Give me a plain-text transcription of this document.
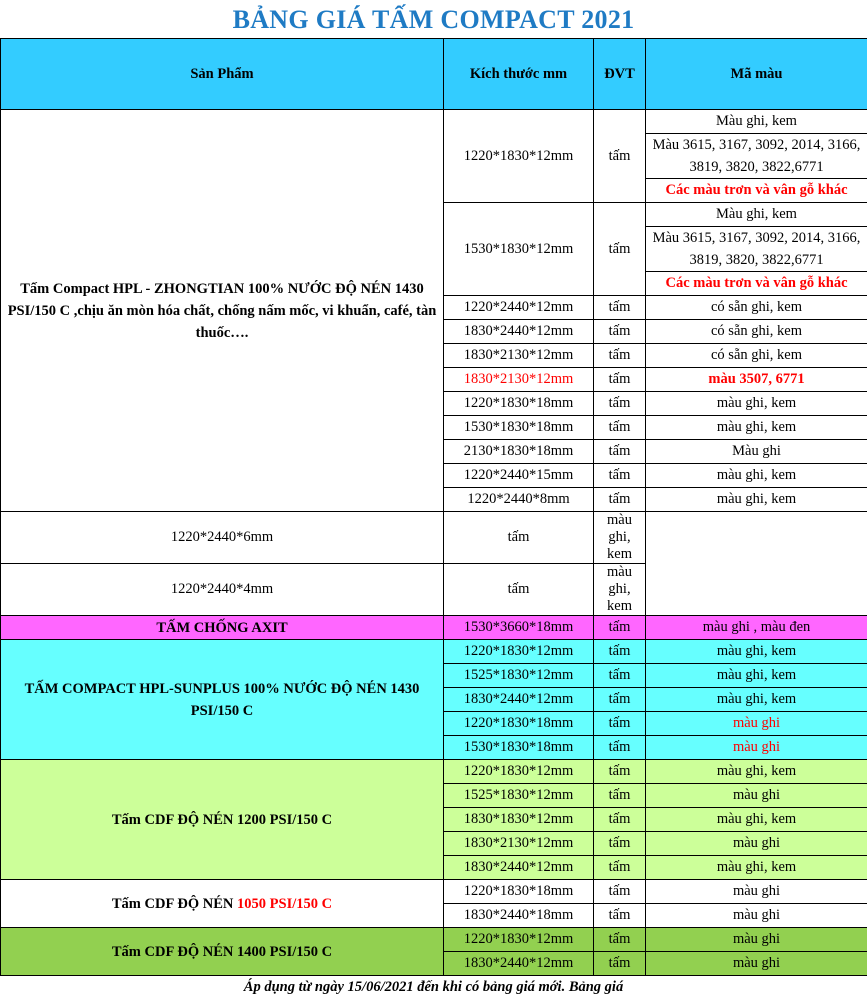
BẢNG GIÁ TẤM COMPACT 2021
Sản Phẩm	Kích thước mm	ĐVT	Mã màu
Tấm Compact HPL - ZHONGTIAN 100% NƯỚC ĐỘ NÉN 1430 PSI/150 C ,chịu ăn mòn hóa chất, chống nấm mốc, vi khuẩn, café, tàn thuốc….	1220*1830*12mm	tấm	Màu ghi, kem
			Màu 3615, 3167, 3092, 2014, 3166, 3819, 3820, 3822,6771
			Các màu trơn và vân gỗ khác
	1530*1830*12mm	tấm	Màu ghi, kem
			Màu 3615, 3167, 3092, 2014, 3166, 3819, 3820, 3822,6771
			Các màu trơn và vân gỗ khác
	1220*2440*12mm	tấm	có sẵn ghi, kem
	1830*2440*12mm	tấm	có sẵn ghi, kem
	1830*2130*12mm	tấm	có sẵn ghi, kem
	1830*2130*12mm	tấm	màu 3507, 6771
	1220*1830*18mm	tấm	màu ghi, kem
	1530*1830*18mm	tấm	màu ghi, kem
	2130*1830*18mm	tấm	Màu ghi
	1220*2440*15mm	tấm	màu ghi, kem
	1220*2440*8mm	tấm	màu ghi, kem
1220*2440*6mm	tấm	màu ghi, kem	
1220*2440*4mm	tấm	màu ghi, kem	
TẤM CHỐNG AXIT	1530*3660*18mm	tấm	màu ghi , màu đen
TẤM COMPACT HPL-SUNPLUS 100% NƯỚC ĐỘ NÉN 1430 PSI/150 C	1220*1830*12mm	tấm	màu ghi, kem
	1525*1830*12mm	tấm	màu ghi, kem
	1830*2440*12mm	tấm	màu ghi, kem
	1220*1830*18mm	tấm	màu ghi
	1530*1830*18mm	tấm	màu ghi
Tấm CDF ĐỘ NÉN 1200 PSI/150 C	1220*1830*12mm	tấm	màu ghi, kem
	1525*1830*12mm	tấm	màu ghi
	1830*1830*12mm	tấm	màu ghi, kem
	1830*2130*12mm	tấm	màu ghi
	1830*2440*12mm	tấm	màu ghi, kem
Tấm CDF ĐỘ NÉN 1050 PSI/150 C	1220*1830*18mm	tấm	màu ghi
	1830*2440*18mm	tấm	màu ghi
Tấm CDF ĐỘ NÉN 1400 PSI/150 C	1220*1830*12mm	tấm	màu ghi
	1830*2440*12mm	tấm	màu ghi
Áp dụng từ ngày 15/06/2021 đến khi có bảng giá mới. Bảng giá
